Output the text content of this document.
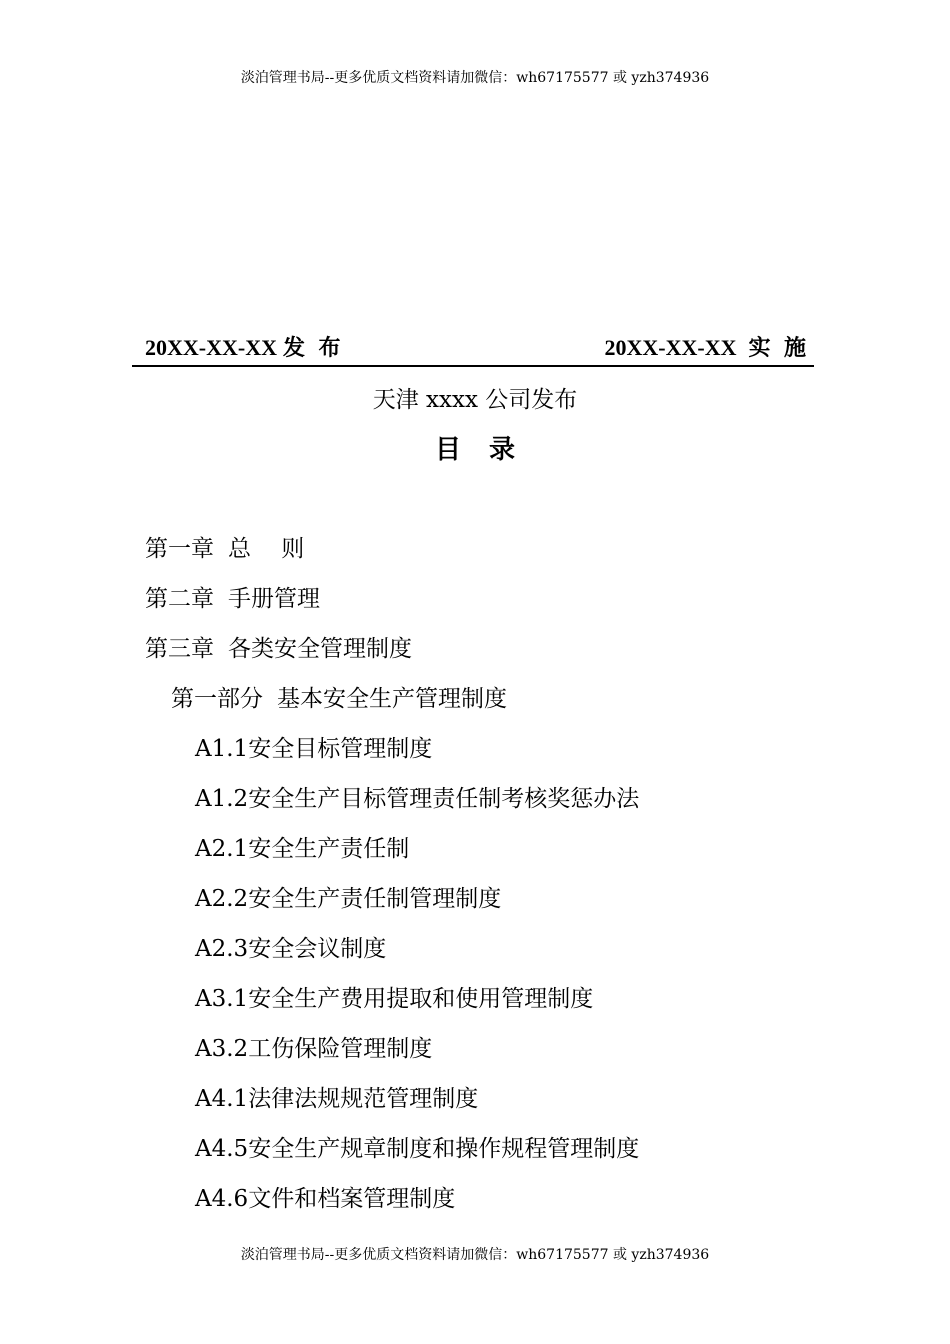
淡泊管理书局--更多优质文档资料请加微信：wh67175577 或 yzh374936
20XX-XX-XX 发 布	20XX-XX-XX 实 施
天津 xxxx 公司发布
目录
第一章 总　 则
第二章 手册管理
第三章 各类安全管理制度
第一部分 基本安全生产管理制度
A1.1安全目标管理制度
A1.2安全生产目标管理责任制考核奖惩办法
A2.1安全生产责任制
A2.2安全生产责任制管理制度
A2.3安全会议制度
A3.1安全生产费用提取和使用管理制度
A3.2工伤保险管理制度
A4.1法律法规规范管理制度
A4.5安全生产规章制度和操作规程管理制度
A4.6文件和档案管理制度
淡泊管理书局--更多优质文档资料请加微信：wh67175577 或 yzh374936
